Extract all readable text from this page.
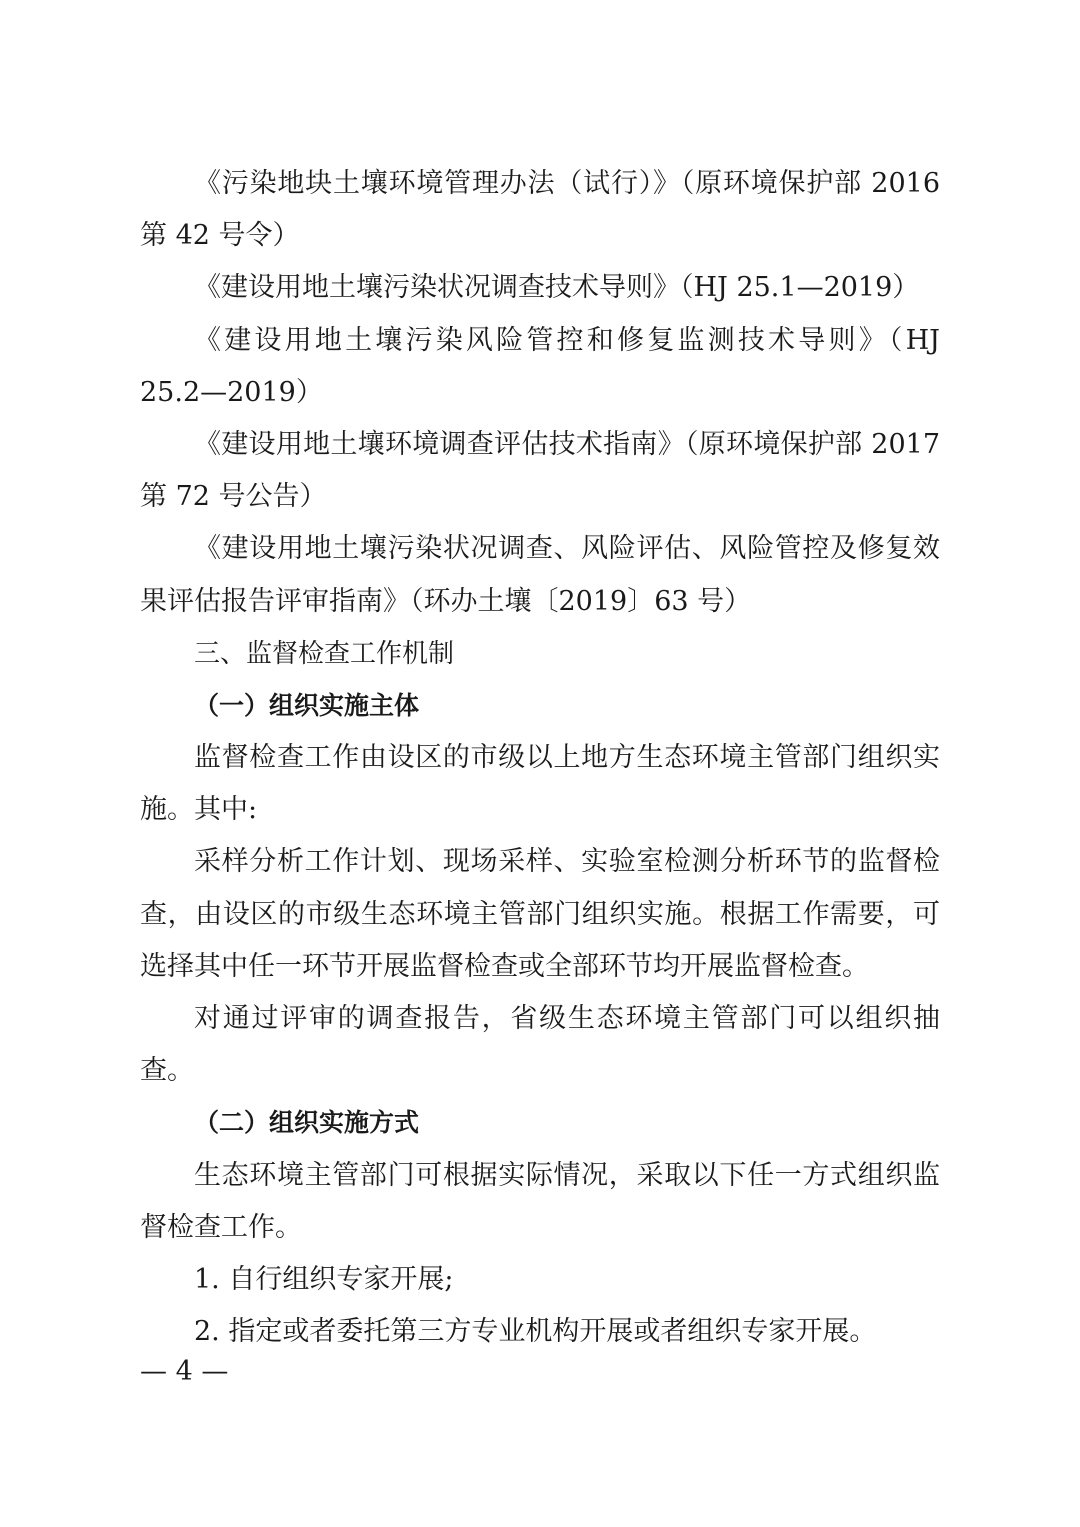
《污染地块土壤环境管理办法（试行）》（原环境保护部 2016
第 42 号令）
《建设用地土壤污染状况调查技术导则》（HJ 25.1—2019）
《建设用地土壤污染风险管控和修复监测技术导则》（HJ
25.2—2019）
《建设用地土壤环境调查评估技术指南》（原环境保护部 2017
第 72 号公告）
《建设用地土壤污染状况调查、风险评估、风险管控及修复效
果评估报告评审指南》（环办土壤〔2019〕63 号）
三、监督检查工作机制
（一）组织实施主体
监督检查工作由设区的市级以上地方生态环境主管部门组织实
施。其中:
采样分析工作计划、现场采样、实验室检测分析环节的监督检
查，由设区的市级生态环境主管部门组织实施。根据工作需要，可
选择其中任一环节开展监督检查或全部环节均开展监督检查。
对通过评审的调查报告，省级生态环境主管部门可以组织抽
查。
（二）组织实施方式
生态环境主管部门可根据实际情况，采取以下任一方式组织监
督检查工作。
1. 自行组织专家开展;
2. 指定或者委托第三方专业机构开展或者组织专家开展。
— 4 —
